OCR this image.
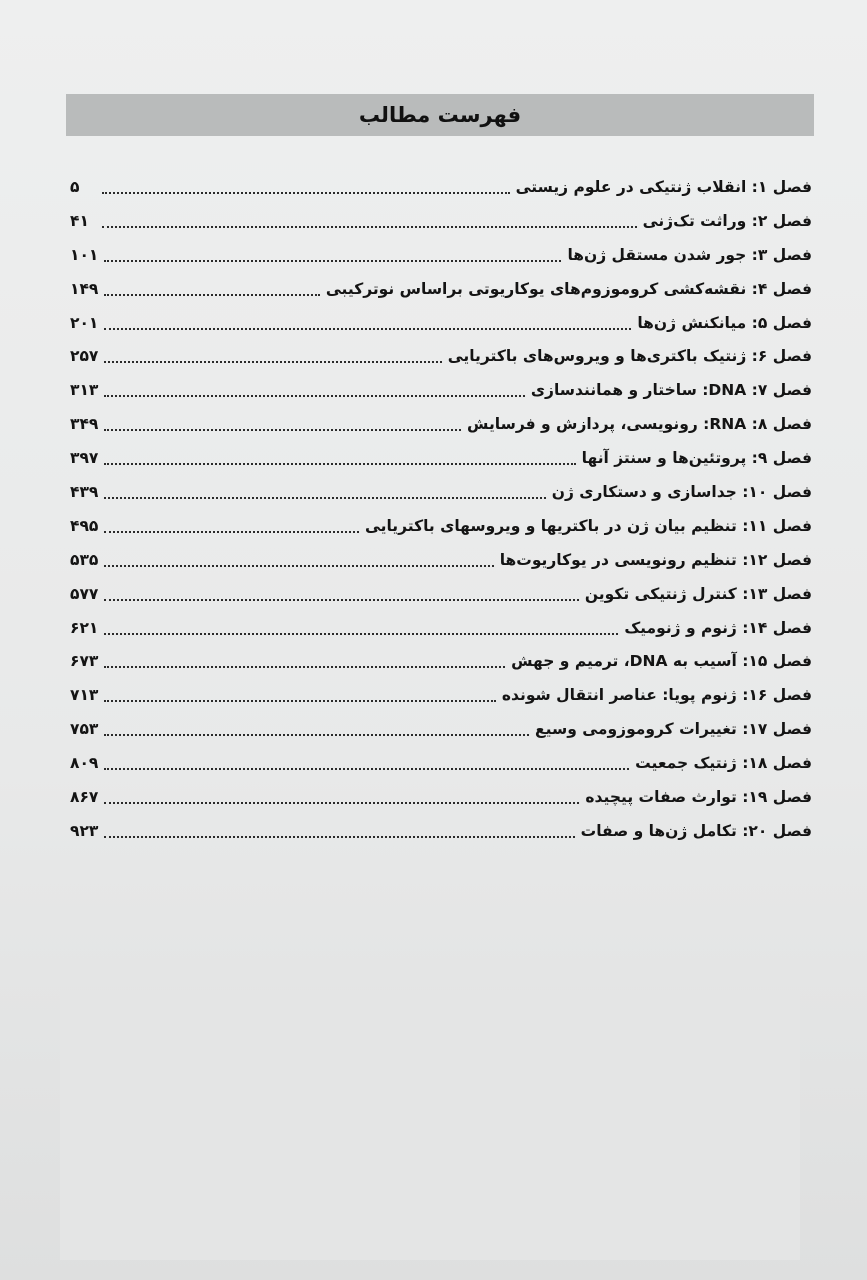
فهرست مطالب
فصل ۱: انقلاب ژنتیکی در علوم زیستی
۵
فصل ۲: وراثت تک‌ژنی
۴۱
فصل ۳: جور شدن مستقل ژن‌ها
۱۰۱
فصل ۴: نقشه‌کشی کروموزوم‌های یوکاریوتی براساس نوترکیبی
۱۴۹
فصل ۵: میانکنش ژن‌ها
۲۰۱
فصل ۶: ژنتیک باکتری‌ها و ویروس‌های باکتریایی
۲۵۷
فصل ۷: DNA: ساختار و همانندسازی
۳۱۳
فصل ۸: RNA: رونویسی، پردازش و فرسایش
۳۴۹
فصل ۹: پروتئین‌ها و سنتز آنها
۳۹۷
فصل ۱۰: جداسازی و دستکاری ژن
۴۳۹
فصل ۱۱: تنظیم بیان ژن در باکتریها و ویروسهای باکتریایی
۴۹۵
فصل ۱۲: تنظیم رونویسی در یوکاریوت‌ها
۵۳۵
فصل ۱۳: کنترل ژنتیکی تکوین
۵۷۷
فصل ۱۴: ژنوم و ژنومیک
۶۲۱
فصل ۱۵: آسیب به DNA، ترمیم و جهش
۶۷۳
فصل ۱۶: ژنوم پویا: عناصر انتقال شونده
۷۱۳
فصل ۱۷: تغییرات کروموزومی وسیع
۷۵۳
فصل ۱۸: ژنتیک جمعیت
۸۰۹
فصل ۱۹: توارث صفات پیچیده
۸۶۷
فصل ۲۰: تکامل ژن‌ها و صفات
۹۲۳
